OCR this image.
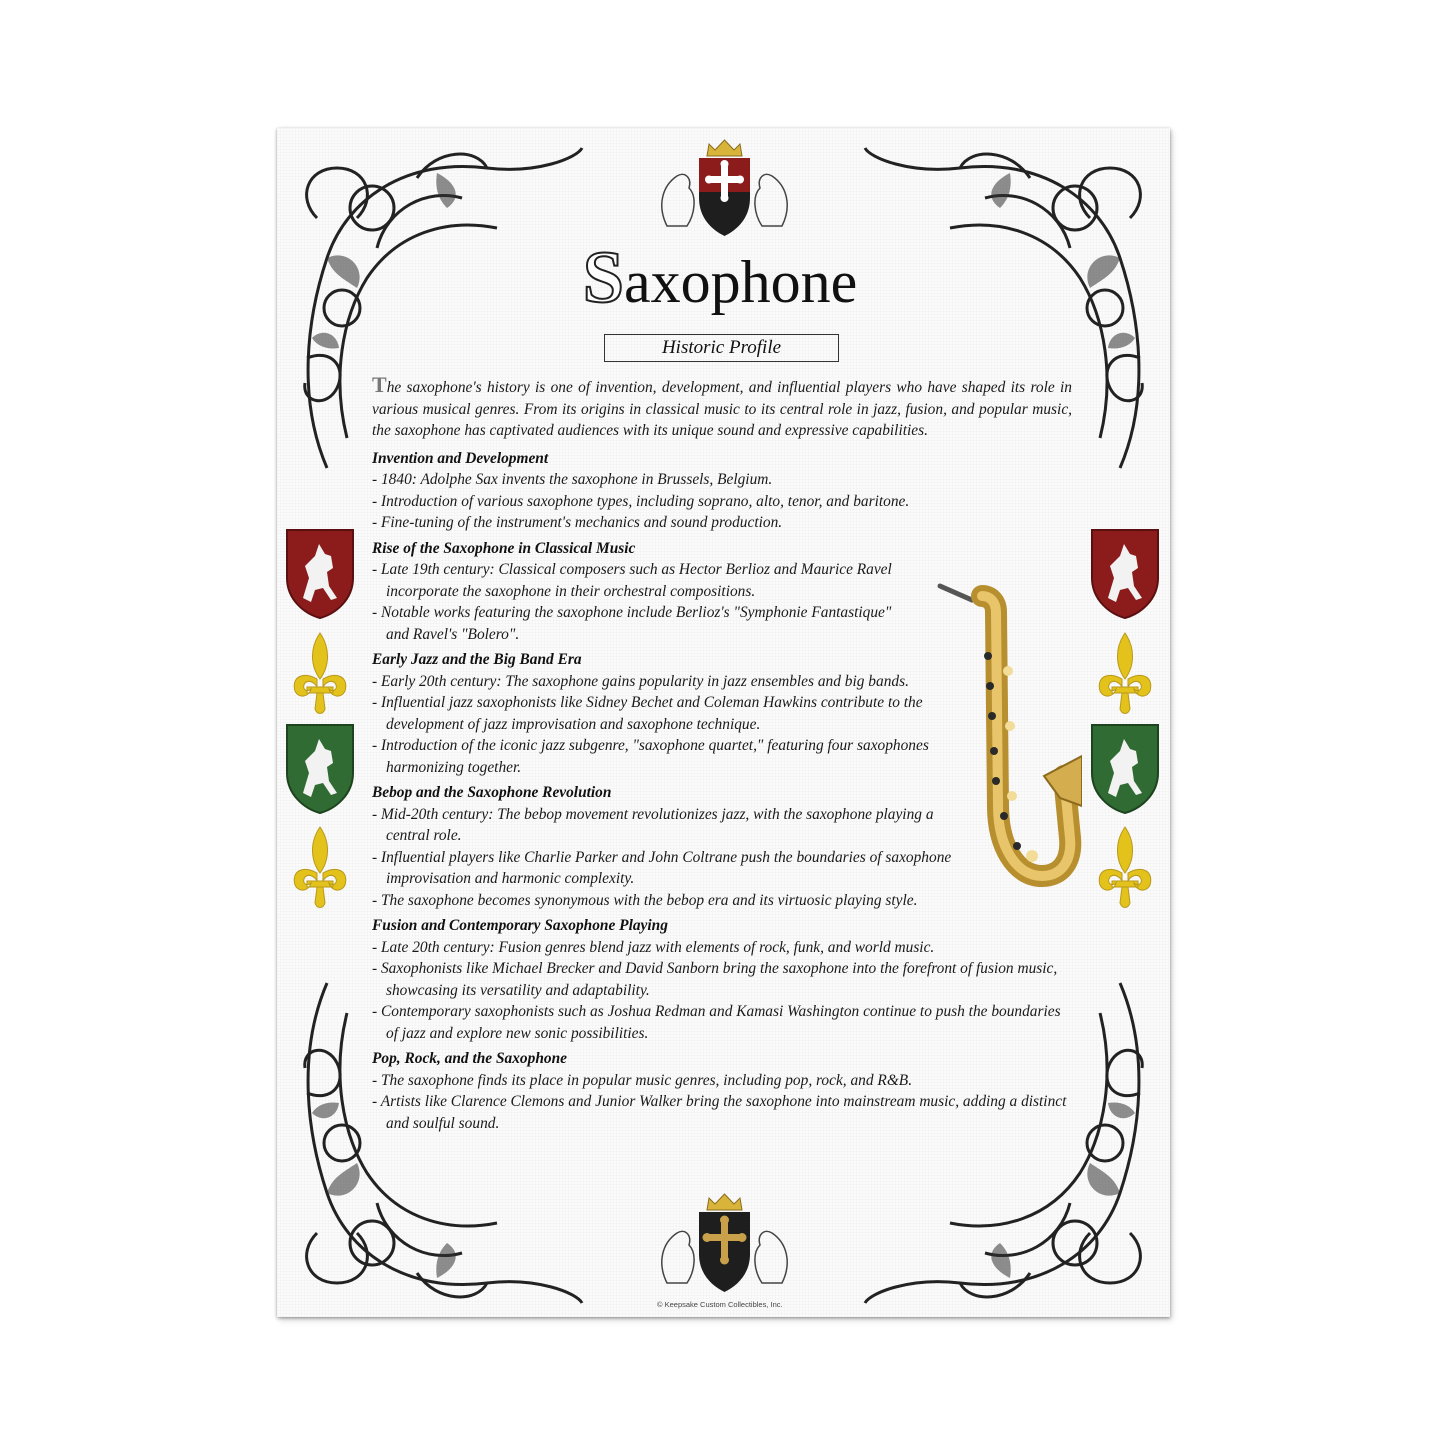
Saxophone

Historic Profile

The saxophone's history is one of invention, development, and influential players who have shaped its role in various musical genres. From its origins in classical music to its central role in jazz, fusion, and popular music, the saxophone has captivated audiences with its unique sound and expressive capabilities.

Invention and Development
- 1840: Adolphe Sax invents the saxophone in Brussels, Belgium.
- Introduction of various saxophone types, including soprano, alto, tenor, and baritone.
- Fine-tuning of the instrument's mechanics and sound production.
Rise of the Saxophone in Classical Music
- Late 19th century: Classical composers such as Hector Berlioz and Maurice Ravel incorporate the saxophone in their orchestral compositions.
- Notable works featuring the saxophone include Berlioz's "Symphonie Fantastique" and Ravel's "Bolero".
Early Jazz and the Big Band Era
- Early 20th century: The saxophone gains popularity in jazz ensembles and big bands.
- Influential jazz saxophonists like Sidney Bechet and Coleman Hawkins contribute to the development of jazz improvisation and saxophone technique.
- Introduction of the iconic jazz subgenre, "saxophone quartet," featuring four saxophones harmonizing together.
Bebop and the Saxophone Revolution
- Mid-20th century: The bebop movement revolutionizes jazz, with the saxophone playing a central role.
- Influential players like Charlie Parker and John Coltrane push the boundaries of saxophone improvisation and harmonic complexity.
- The saxophone becomes synonymous with the bebop era and its virtuosic playing style.
Fusion and Contemporary Saxophone Playing
- Late 20th century: Fusion genres blend jazz with elements of rock, funk, and world music.
- Saxophonists like Michael Brecker and David Sanborn bring the saxophone into the forefront of fusion music, showcasing its versatility and adaptability.
- Contemporary saxophonists such as Joshua Redman and Kamasi Washington continue to push the boundaries of jazz and explore new sonic possibilities.
Pop, Rock, and the Saxophone
- The saxophone finds its place in popular music genres, including pop, rock, and R&B.
- Artists like Clarence Clemons and Junior Walker bring the saxophone into mainstream music, adding a distinct and soulful sound.
© Keepsake Custom Collectibles, Inc.
